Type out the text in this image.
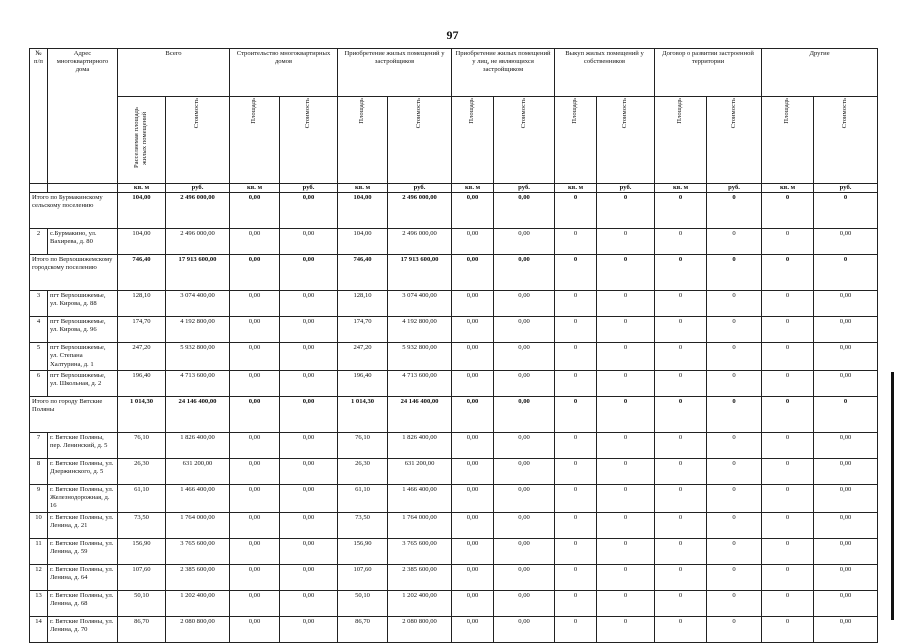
97
№ п/п	Адрес многоквартирного дома	Всего		Строительство многоквартирных домов		Приобретение жилых помещений у застройщиков		Приобретение жилых помещений у лиц, не являющихся застройщиком		Выкуп жилых помещений у собственников		Договор о развитии застроенной территории		Другие	

		Расселяемая площадь жилых помещений	Стоимость	Площадь	Стоимость	Площадь	Стоимость	Площадь	Стоимость	Площадь	Стоимость	Площадь	Стоимость	Площадь	Стоимость

		кв. м	руб.	кв. м	руб.	кв. м	руб.	кв. м	руб.	кв. м	руб.	кв. м	руб.	кв. м	руб.
Итого по Бурмакинскому сельскому поселению		104,00	2 496 000,00	0,00	0,00	104,00	2 496 000,00	0,00	0,00	0	0	0	0	0	0
2	с.Бурмакино, ул. Вахирева, д. 80	104,00	2 496 000,00	0,00	0,00	104,00	2 496 000,00	0,00	0,00	0	0	0	0	0	0,00
Итого по Верхошижемскому городскому поселению		746,40	17 913 600,00	0,00	0,00	746,40	17 913 600,00	0,00	0,00	0	0	0	0	0	0
3	пгт Верхошижемье, ул. Кирова, д. 88	128,10	3 074 400,00	0,00	0,00	128,10	3 074 400,00	0,00	0,00	0	0	0	0	0	0,00
4	пгт Верхошижемье, ул. Кирова, д. 96	174,70	4 192 800,00	0,00	0,00	174,70	4 192 800,00	0,00	0,00	0	0	0	0	0	0,00
5	пгт Верхошижемье, ул. Степана Халтурина, д. 1	247,20	5 932 800,00	0,00	0,00	247,20	5 932 800,00	0,00	0,00	0	0	0	0	0	0,00
6	пгт Верхошижемье, ул. Школьная, д. 2	196,40	4 713 600,00	0,00	0,00	196,40	4 713 600,00	0,00	0,00	0	0	0	0	0	0,00
Итого по городу Вятские Поляны		1 014,30	24 146 400,00	0,00	0,00	1 014,30	24 146 400,00	0,00	0,00	0	0	0	0	0	0
7	г. Вятские Поляны, пер. Ленинский, д. 5	76,10	1 826 400,00	0,00	0,00	76,10	1 826 400,00	0,00	0,00	0	0	0	0	0	0,00
8	г. Вятские Поляны, ул. Дзержинского, д. 5	26,30	631 200,00	0,00	0,00	26,30	631 200,00	0,00	0,00	0	0	0	0	0	0,00
9	г. Вятские Поляны, ул. Железнодорожная, д. 16	61,10	1 466 400,00	0,00	0,00	61,10	1 466 400,00	0,00	0,00	0	0	0	0	0	0,00
10	г. Вятские Поляны, ул. Ленина, д. 21	73,50	1 764 000,00	0,00	0,00	73,50	1 764 000,00	0,00	0,00	0	0	0	0	0	0,00
11	г. Вятские Поляны, ул. Ленина, д. 59	156,90	3 765 600,00	0,00	0,00	156,90	3 765 600,00	0,00	0,00	0	0	0	0	0	0,00
12	г. Вятские Поляны, ул. Ленина, д. 64	107,60	2 385 600,00	0,00	0,00	107,60	2 385 600,00	0,00	0,00	0	0	0	0	0	0,00
13	г. Вятские Поляны, ул. Ленина, д. 68	50,10	1 202 400,00	0,00	0,00	50,10	1 202 400,00	0,00	0,00	0	0	0	0	0	0,00
14	г. Вятские Поляны, ул. Ленина, д. 70	86,70	2 080 800,00	0,00	0,00	86,70	2 080 800,00	0,00	0,00	0	0	0	0	0	0,00
